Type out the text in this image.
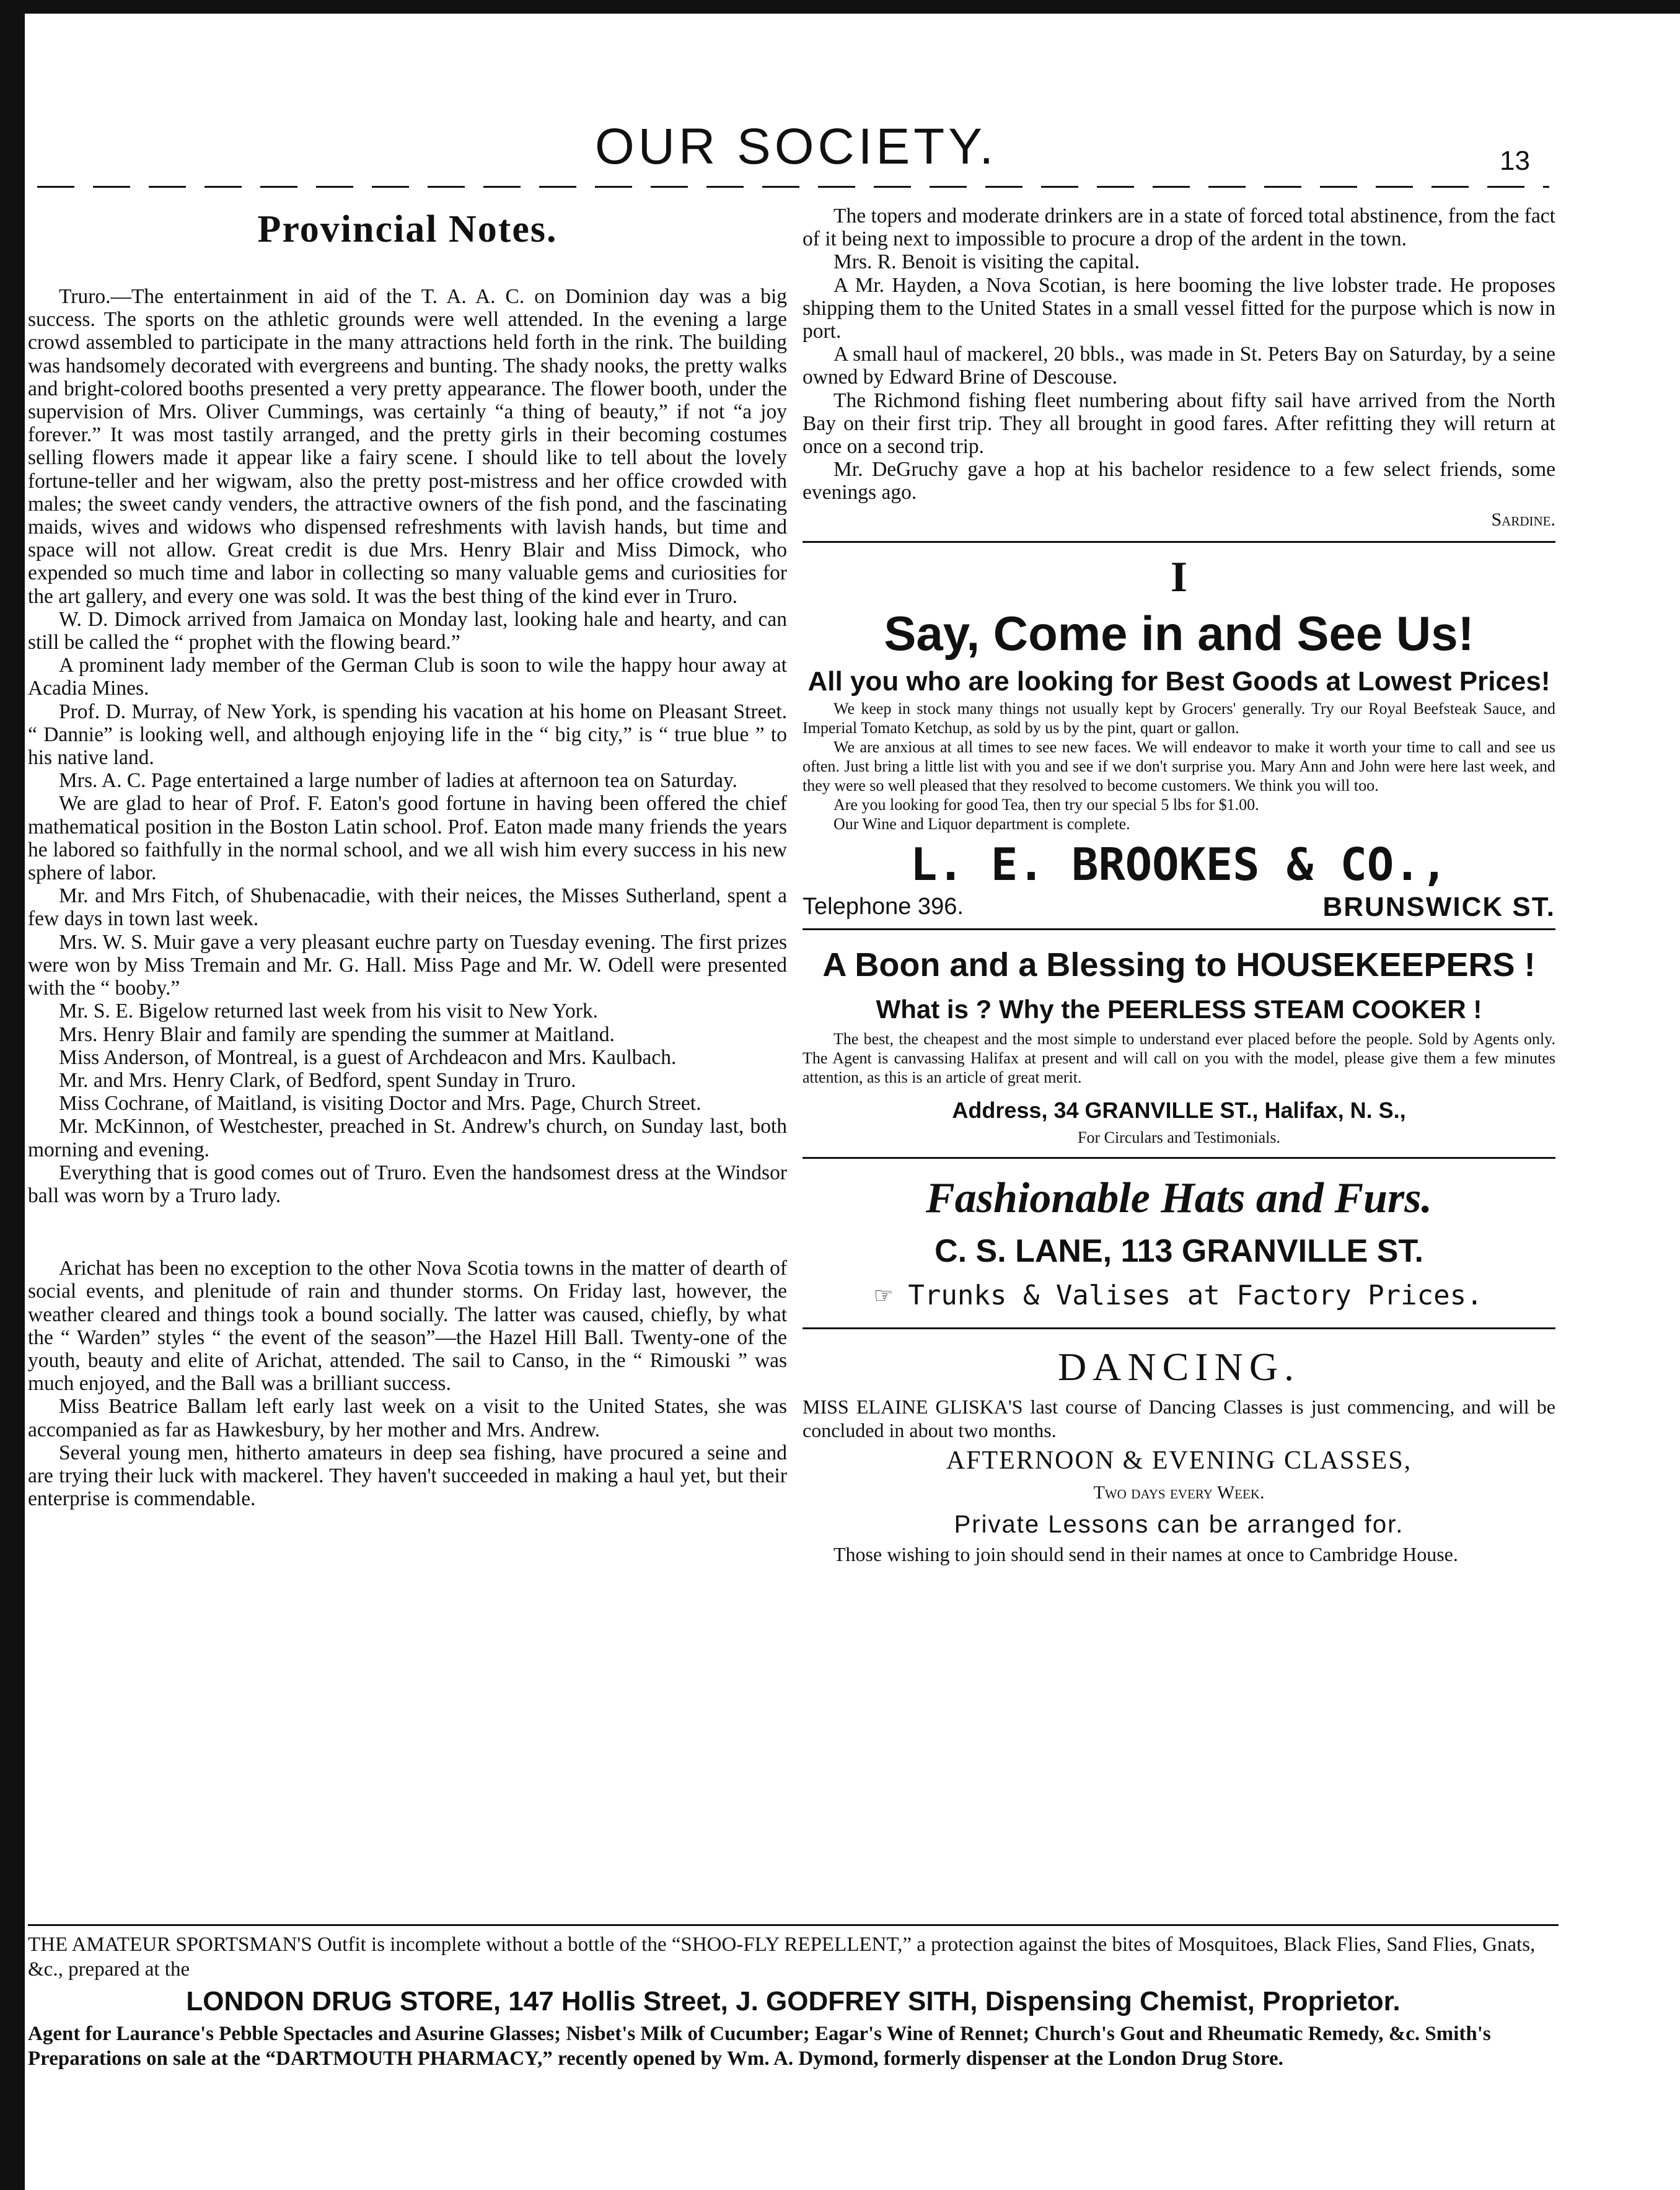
OUR SOCIETY.	13
Provincial Notes.

Truro.—The entertainment in aid of the T. A. A. C. on Dominion day was a big success. The sports on the athletic grounds were well attended. In the evening a large crowd assembled to participate in the many attractions held forth in the rink. The building was handsomely decorated with evergreens and bunting. The shady nooks, the pretty walks and bright-colored booths presented a very pretty appearance. The flower booth, under the supervision of Mrs. Oliver Cummings, was certainly “a thing of beauty,” if not “a joy forever.” It was most tastily arranged, and the pretty girls in their becoming costumes selling flowers made it appear like a fairy scene. I should like to tell about the lovely fortune-teller and her wigwam, also the pretty post-mistress and her office crowded with males; the sweet candy venders, the attractive owners of the fish pond, and the fascinating maids, wives and widows who dispensed refreshments with lavish hands, but time and space will not allow. Great credit is due Mrs. Henry Blair and Miss Dimock, who expended so much time and labor in collecting so many valuable gems and curiosities for the art gallery, and every one was sold. It was the best thing of the kind ever in Truro.

W. D. Dimock arrived from Jamaica on Monday last, looking hale and hearty, and can still be called the “ prophet with the flowing beard.”

A prominent lady member of the German Club is soon to wile the happy hour away at Acadia Mines.

Prof. D. Murray, of New York, is spending his vacation at his home on Pleasant Street. “ Dannie” is looking well, and although enjoying life in the “ big city,” is “ true blue ” to his native land.

Mrs. A. C. Page entertained a large number of ladies at afternoon tea on Saturday.

We are glad to hear of Prof. F. Eaton's good fortune in having been offered the chief mathematical position in the Boston Latin school. Prof. Eaton made many friends the years he labored so faithfully in the normal school, and we all wish him every success in his new sphere of labor.

Mr. and Mrs Fitch, of Shubenacadie, with their neices, the Misses Sutherland, spent a few days in town last week.

Mrs. W. S. Muir gave a very pleasant euchre party on Tuesday evening. The first prizes were won by Miss Tremain and Mr. G. Hall. Miss Page and Mr. W. Odell were presented with the “ booby.”

Mr. S. E. Bigelow returned last week from his visit to New York.

Mrs. Henry Blair and family are spending the summer at Maitland.

Miss Anderson, of Montreal, is a guest of Archdeacon and Mrs. Kaulbach.

Mr. and Mrs. Henry Clark, of Bedford, spent Sunday in Truro.

Miss Cochrane, of Maitland, is visiting Doctor and Mrs. Page, Church Street.

Mr. McKinnon, of Westchester, preached in St. Andrew's church, on Sunday last, both morning and evening.

Everything that is good comes out of Truro. Even the handsomest dress at the Windsor ball was worn by a Truro lady.

Arichat has been no exception to the other Nova Scotia towns in the matter of dearth of social events, and plenitude of rain and thunder storms. On Friday last, however, the weather cleared and things took a bound socially. The latter was caused, chiefly, by what the “ Warden” styles “ the event of the season”—the Hazel Hill Ball. Twenty-one of the youth, beauty and elite of Arichat, attended. The sail to Canso, in the “ Rimouski ” was much enjoyed, and the Ball was a brilliant success.

Miss Beatrice Ballam left early last week on a visit to the United States, she was accompanied as far as Hawkesbury, by her mother and Mrs. Andrew.

Several young men, hitherto amateurs in deep sea fishing, have procured a seine and are trying their luck with mackerel. They haven't succeeded in making a haul yet, but their enterprise is commendable.

The topers and moderate drinkers are in a state of forced total abstinence, from the fact of it being next to impossible to procure a drop of the ardent in the town.

Mrs. R. Benoit is visiting the capital.

A Mr. Hayden, a Nova Scotian, is here booming the live lobster trade. He proposes shipping them to the United States in a small vessel fitted for the purpose which is now in port.

A small haul of mackerel, 20 bbls., was made in St. Peters Bay on Saturday, by a seine owned by Edward Brine of Descouse.

The Richmond fishing fleet numbering about fifty sail have arrived from the North Bay on their first trip. They all brought in good fares. After refitting they will return at once on a second trip.

Mr. DeGruchy gave a hop at his bachelor residence to a few select friends, some evenings ago.

Sardine.
I
Say, Come in and See Us!
All you who are looking for Best Goods at Lowest Prices!

We keep in stock many things not usually kept by Grocers' generally. Try our Royal Beefsteak Sauce, and Imperial Tomato Ketchup, as sold by us by the pint, quart or gallon.

We are anxious at all times to see new faces. We will endeavor to make it worth your time to call and see us often. Just bring a little list with you and see if we don't surprise you. Mary Ann and John were here last week, and they were so well pleased that they resolved to become customers. We think you will too.

Are you looking for good Tea, then try our special 5 lbs for $1.00.

Our Wine and Liquor department is complete.

L. E. BROOKES & CO.,
Telephone 396.	BRUNSWICK ST.
A Boon and a Blessing to HOUSEKEEPERS !
What is ? Why the PEERLESS STEAM COOKER !

The best, the cheapest and the most simple to understand ever placed before the people. Sold by Agents only. The Agent is canvassing Halifax at present and will call on you with the model, please give them a few minutes attention, as this is an article of great merit.

Address, 34 GRANVILLE ST., Halifax, N. S.,
For Circulars and Testimonials.
Fashionable Hats and Furs.
C. S. LANE, 113 GRANVILLE ST.
☞ Trunks & Valises at Factory Prices.
DANCING.

MISS ELAINE GLISKA'S last course of Dancing Classes is just commencing, and will be concluded in about two months.

AFTERNOON & EVENING CLASSES,
Two days every Week.
Private Lessons can be arranged for.

Those wishing to join should send in their names at once to Cambridge House.

THE AMATEUR SPORTSMAN'S Outfit is incomplete without a bottle of the “SHOO-FLY REPELLENT,” a protection against the bites of Mosquitoes, Black Flies, Sand Flies, Gnats, &c., prepared at the
LONDON DRUG STORE, 147 Hollis Street, J. GODFREY SITH, Dispensing Chemist, Proprietor.
Agent for Laurance's Pebble Spectacles and Asurine Glasses; Nisbet's Milk of Cucumber; Eagar's Wine of Rennet; Church's Gout and Rheumatic Remedy, &c. Smith's Preparations on sale at the “DARTMOUTH PHARMACY,” recently opened by Wm. A. Dymond, formerly dispenser at the London Drug Store.
